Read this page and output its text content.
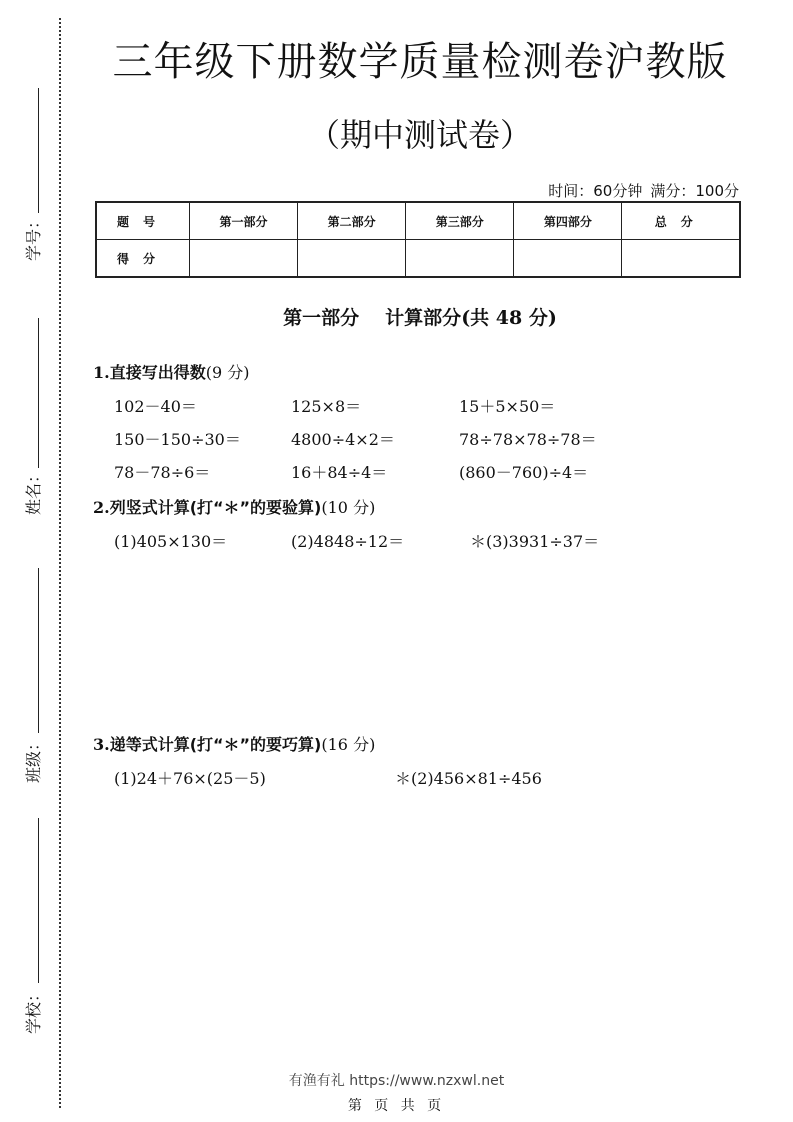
学号：
姓名：
班级：
学校：
三年级下册数学质量检测卷沪教版
（期中测试卷）
时间：60分钟 满分：100分
题号	第一部分	第二部分	第三部分	第四部分	总分
得分					
第一部分 计算部分(共 48 分)
1.直接写出得数(9 分)
102－40＝	125×8＝	15＋5×50＝
150－150÷30＝	4800÷4×2＝	78÷78×78÷78＝
78－78÷6＝	16＋84÷4＝	(860－760)÷4＝
2.列竖式计算(打“＊”的要验算)(10 分)
(1)405×130＝	(2)4848÷12＝	＊(3)3931÷37＝
3.递等式计算(打“＊”的要巧算)(16 分)
(1)24＋76×(25－5)	＊(2)456×81÷456
有渔有礼 https://www.nzxwl.net
第 页 共 页
